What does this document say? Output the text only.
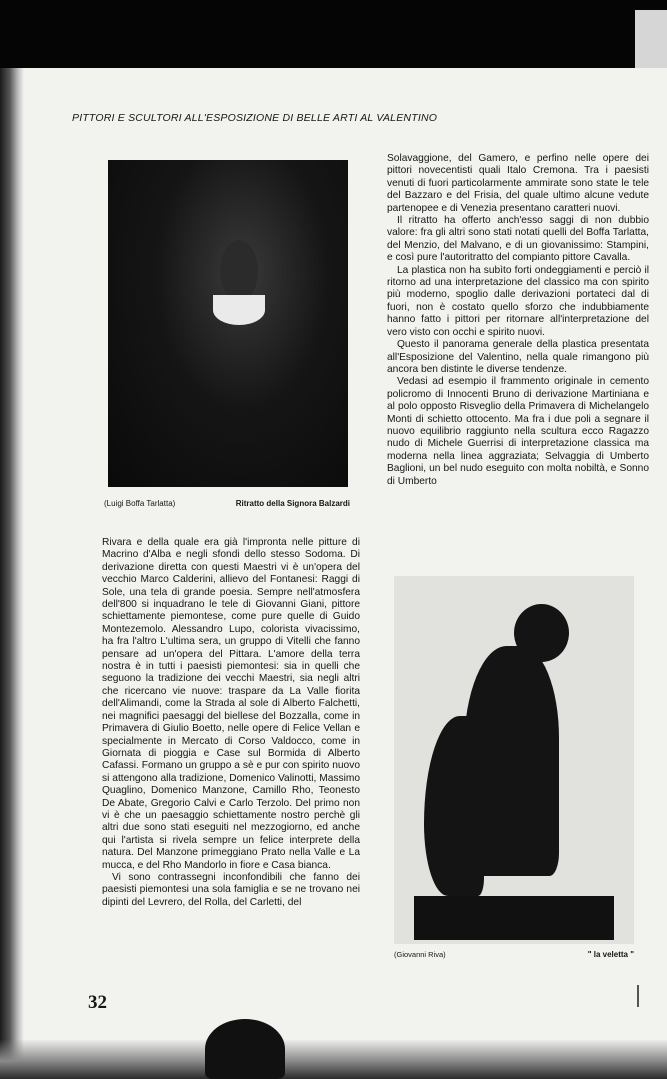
PITTORI E SCULTORI ALL'ESPOSIZIONE DI BELLE ARTI AL VALENTINO

(Luigi Boffa Tarlatta)	Ritratto della Signora Balzardi

Rivara e della quale era già l'impronta nelle pitture di Macrino d'Alba e negli sfondi dello stesso Sodoma. Di derivazione diretta con questi Maestri vi è un'opera del vecchio Marco Calderini, allievo del Fontanesi: Raggi di Sole, una tela di grande poesia. Sempre nell'atmosfera dell'800 si inquadrano le tele di Giovanni Giani, pittore schiettamente piemontese, come pure quelle di Guido Montezemolo. Alessandro Lupo, colorista vivacissimo, ha fra l'altro L'ultima sera, un gruppo di Vitelli che fanno pensare ad un'opera del Pittara. L'amore della terra nostra è in tutti i paesisti piemontesi: sia in quelli che seguono la tradizione dei vecchi Maestri, sia negli altri che ricercano vie nuove: traspare da La Valle fiorita dell'Alimandi, come la Strada al sole di Alberto Falchetti, nei magnifici paesaggi del biellese del Bozzalla, come in Primavera di Giulio Boetto, nelle opere di Felice Vellan e specialmente in Mercato di Corso Valdocco, come in Giornata di pioggia e Case sul Bormida di Alberto Cafassi. Formano un gruppo a sè e pur con spirito nuovo si attengono alla tradizione, Domenico Valinotti, Massimo Quaglino, Domenico Manzone, Camillo Rho, Teonesto De Abate, Gregorio Calvi e Carlo Terzolo. Del primo non vi è che un paesaggio schiettamente nostro perchè gli altri due sono stati eseguiti nel mezzogiorno, ed anche qui l'artista si rivela sempre un felice interprete della natura. Del Manzone primeggiano Prato nella Valle e La mucca, e del Rho Mandorlo in fiore e Casa bianca.

Vi sono contrassegni inconfondibili che fanno dei paesisti piemontesi una sola famiglia e se ne trovano nei dipinti del Levrero, del Rolla, del Carletti, del

Solavaggione, del Gamero, e perfino nelle opere dei pittori novecentisti quali Italo Cremona. Tra i paesisti venuti di fuori particolarmente ammirate sono state le tele del Bazzaro e del Frisia, del quale ultimo alcune vedute partenopee e di Venezia presentano caratteri nuovi.

Il ritratto ha offerto anch'esso saggi di non dubbio valore: fra gli altri sono stati notati quelli del Boffa Tarlatta, del Menzio, del Malvano, e di un giovanissimo: Stampini, e così pure l'autoritratto del compianto pittore Cavalla.

La plastica non ha subìto forti ondeggiamenti e perciò il ritorno ad una interpretazione del classico ma con spirito più moderno, spoglio dalle derivazioni portateci dal di fuori, non è costato quello sforzo che indubbiamente hanno fatto i pittori per ritornare all'interpretazione del vero visto con occhi e spirito nuovi.

Questo il panorama generale della plastica presentata all'Esposizione del Valentino, nella quale rimangono più ancora ben distinte le diverse tendenze.

Vedasi ad esempio il frammento originale in cemento policromo di Innocenti Bruno di derivazione Martiniana e al polo opposto Risveglio della Primavera di Michelangelo Monti di schietto ottocento. Ma fra i due poli a segnare il nuovo equilibrio raggiunto nella scultura ecco Ragazzo nudo di Michele Guerrisi di interpretazione classica ma moderna nella linea aggraziata; Selvaggia di Umberto Baglioni, un bel nudo eseguito con molta nobiltà, e Sonno di Umberto

(Giovanni Riva)	" la veletta "

32
